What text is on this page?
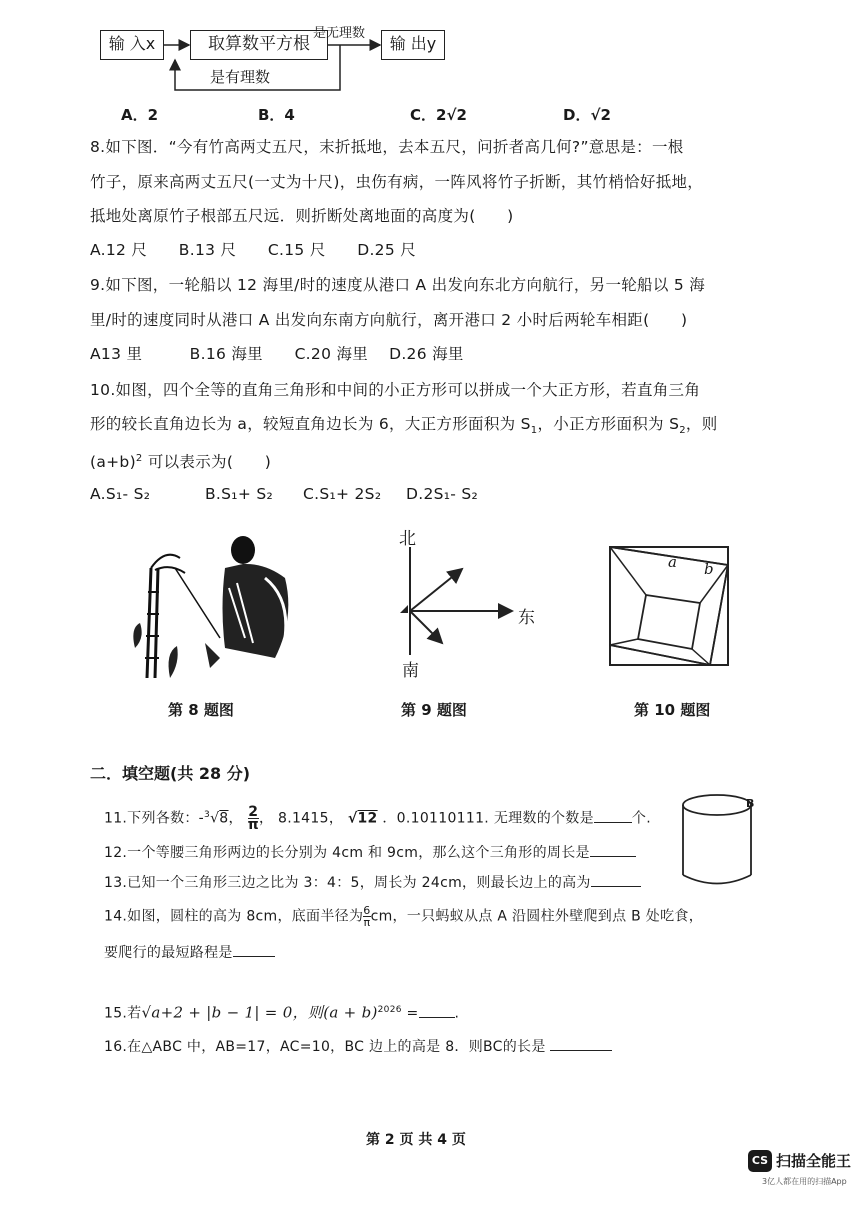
输 入x	取算数平方根	输 出y
是无理数
是有理数
A．2	B．4	C．2√2	D．√2
8.如下图．“今有竹高两丈五尺，末折抵地，去本五尺，问折者高几何?”意思是：一根
竹子，原来高两丈五尺(一丈为十尺)，虫伤有病，一阵风将竹子折断，其竹梢恰好抵地，
抵地处离原竹子根部五尺远．则折断处离地面的高度为(　　)
A.12 尺　　B.13 尺　　C.15 尺　　D.25 尺
9.如下图，一轮船以 12 海里/时的速度从港口 A 出发向东北方向航行，另一轮船以 5 海
里/时的速度同时从港口 A 出发向东南方向航行，离开港口 2 小时后两轮车相距(　　)
A13 里　　　B.16 海里　　C.20 海里　 D.26 海里
10.如图，四个全等的直角三角形和中间的小正方形可以拼成一个大正方形，若直角三角
形的较长直角边长为 a，较短直角边长为 6，大正方形面积为 $S_1$，小正方形面积为 $S_2$，则
$(a+b)^2$ 可以表示为(　　)
A.S₁- S₂	B.S₁+ S₂ C.S₁+ 2S₂ D.2S₁- S₂
第 8 题图
北
南
东
第 9 题图
a b
第 10 题图
二．填空题(共 28 分)
11.下列各数：-$^3$√8， $\frac{2}{\pi}$ ， 8.1415， √12 ．0.10110111. 无理数的个数是	个.
B
12.一个等腰三角形两边的长分别为 4cm 和 9cm，那么这个三角形的周长是
13.已知一个三角形三边之比为 3：4：5，周长为 24cm，则最长边上的高为
14.如图，圆柱的高为 8cm，底面半径为 $\frac{6}{\pi}$ cm，一只蚂蚁从点 A 沿圆柱外壁爬到点 B 处吃食，
要爬行的最短路程是
15.若√a+2 + |b − 1| = 0，则$(a + b)^{2026}$ =	.
16.在△ABC 中，AB=17，AC=10，BC 边上的高是 8．则BC的长是
第 2 页 共 4 页
CS 扫描全能王
3亿人都在用的扫描App
